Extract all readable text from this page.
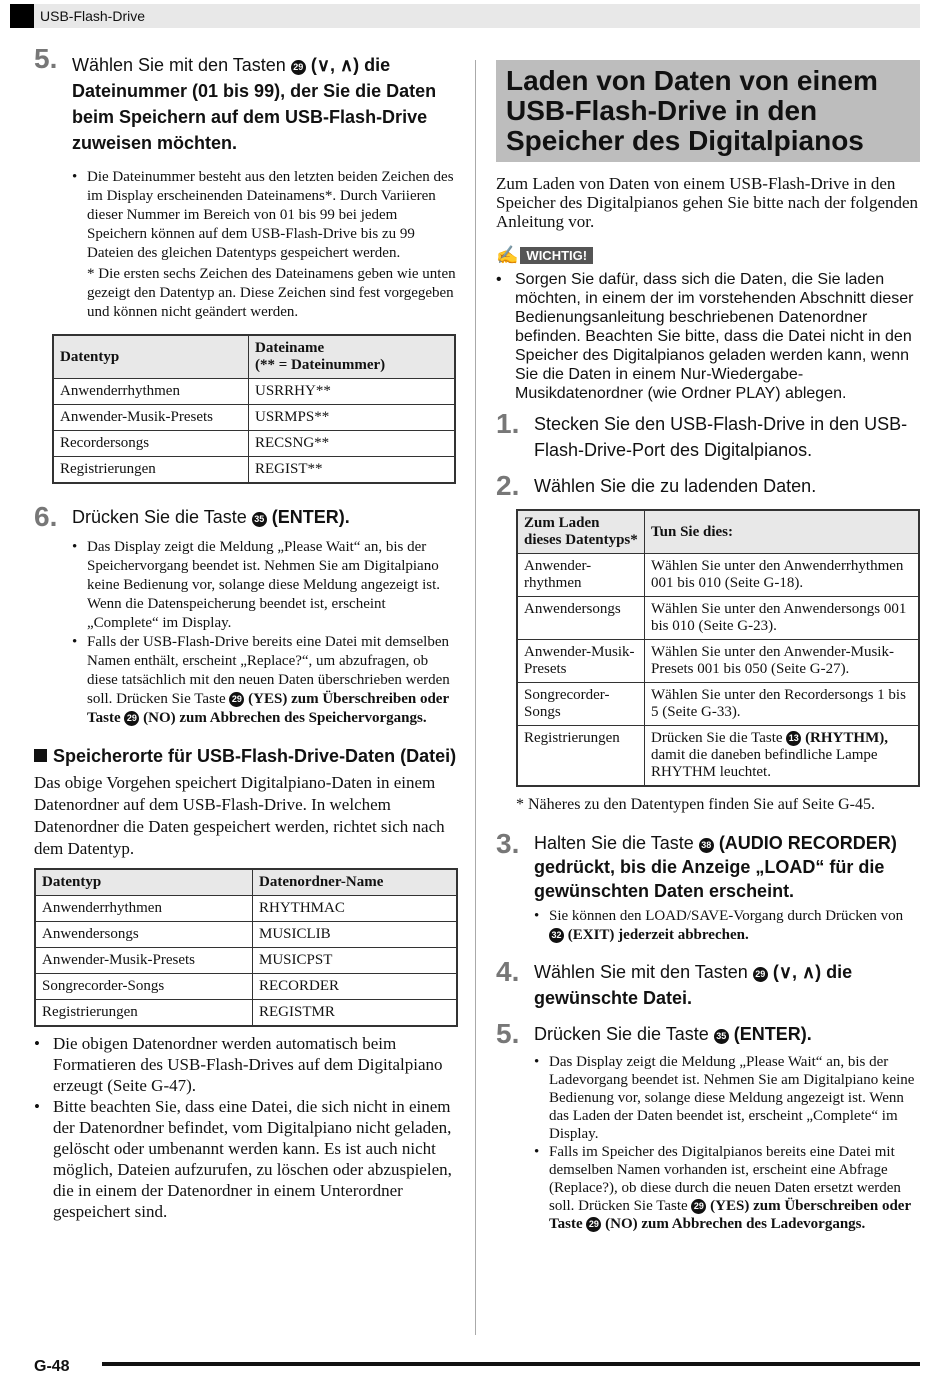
USB-Flash-Drive
5. Wählen Sie mit den Tasten 29 (∨, ∧) die Dateinummer (01 bis 99), der Sie die Daten beim Speichern auf dem USB-Flash-Drive zuweisen möchten.
• Die Dateinummer besteht aus den letzten beiden Zeichen des im Display erscheinenden Dateinamens*. Durch Variieren dieser Nummer im Bereich von 01 bis 99 bei jedem Speichern können auf dem USB-Flash-Drive bis zu 99 Dateien des gleichen Datentyps gespeichert werden.
* Die ersten sechs Zeichen des Dateinamens geben wie unten gezeigt den Datentyp an. Diese Zeichen sind fest vorgegeben und können nicht geändert werden.
Datentyp	Dateiname
(** = Dateinummer)

Anwenderrhythmen	USRRHY**
Anwender-Musik-Presets	USRMPS**
Recordersongs	RECSNG**
Registrierungen	REGIST**
6. Drücken Sie die Taste 35 (ENTER).
• Das Display zeigt die Meldung „Please Wait“ an, bis der Speichervorgang beendet ist. Nehmen Sie am Digitalpiano keine Bedienung vor, solange diese Meldung angezeigt ist. Wenn die Datenspeicherung beendet ist, erscheint „Complete“ im Display.
• Falls der USB-Flash-Drive bereits eine Datei mit demselben Namen enthält, erscheint „Replace?“, um abzufragen, ob diese tatsächlich mit den neuen Daten überschrieben werden soll. Drücken Sie Taste 29 (YES) zum Überschreiben oder Taste 29 (NO) zum Abbrechen des Speichervorgangs.
Speicherorte für USB-Flash-Drive-Daten (Datei)
Das obige Vorgehen speichert Digitalpiano-Daten in einem Datenordner auf dem USB-Flash-Drive. In welchem Datenordner die Daten gespeichert werden, richtet sich nach dem Datentyp.
Datentyp	Datenordner-Name
Anwenderrhythmen	RHYTHMAC
Anwendersongs	MUSICLIB
Anwender-Musik-Presets	MUSICPST
Songrecorder-Songs	RECORDER
Registrierungen	REGISTMR
• Die obigen Datenordner werden automatisch beim Formatieren des USB-Flash-Drives auf dem Digitalpiano erzeugt (Seite G-47).
• Bitte beachten Sie, dass eine Datei, die sich nicht in einem der Datenordner befindet, vom Digitalpiano nicht geladen, gelöscht oder umbenannt werden kann. Es ist auch nicht möglich, Dateien aufzurufen, zu löschen oder abzuspielen, die in einem der Datenordner in einem Unterordner gespeichert sind.
Laden von Daten von einem USB-Flash-Drive in den Speicher des Digitalpianos
Zum Laden von Daten von einem USB-Flash-Drive in den Speicher des Digitalpianos gehen Sie bitte nach der folgenden Anleitung vor.
✍ WICHTIG!
• Sorgen Sie dafür, dass sich die Daten, die Sie laden möchten, in einem der im vorstehenden Abschnitt dieser Bedienungsanleitung beschriebenen Datenordner befinden. Beachten Sie bitte, dass die Datei nicht in den Speicher des Digitalpianos geladen werden kann, wenn Sie die Daten in einem Nur-Wiedergabe-Musikdatenordner (wie Ordner PLAY) ablegen.
1. Stecken Sie den USB-Flash-Drive in den USB-Flash-Drive-Port des Digitalpianos.
2. Wählen Sie die zu ladenden Daten.
Zum Laden dieses Datentyps*	Tun Sie dies:
Anwender-rhythmen	Wählen Sie unter den Anwenderrhythmen 001 bis 010 (Seite G-18).
Anwendersongs	Wählen Sie unter den Anwendersongs 001 bis 010 (Seite G-23).
Anwender-Musik-Presets	Wählen Sie unter den Anwender-Musik-Presets 001 bis 050 (Seite G-27).
Songrecorder-Songs	Wählen Sie unter den Recordersongs 1 bis 5 (Seite G-33).
Registrierungen	Drücken Sie die Taste 13 (RHYTHM), damit die daneben befindliche Lampe RHYTHM leuchtet.
* Näheres zu den Datentypen finden Sie auf Seite G-45.
3. Halten Sie die Taste 38 (AUDIO RECORDER) gedrückt, bis die Anzeige „LOAD“ für die gewünschten Daten erscheint.
• Sie können den LOAD/SAVE-Vorgang durch Drücken von 32 (EXIT) jederzeit abbrechen.
4. Wählen Sie mit den Tasten 29 (∨, ∧) die gewünschte Datei.
5. Drücken Sie die Taste 35 (ENTER).
• Das Display zeigt die Meldung „Please Wait“ an, bis der Ladevorgang beendet ist. Nehmen Sie am Digitalpiano keine Bedienung vor, solange diese Meldung angezeigt ist. Wenn das Laden der Daten beendet ist, erscheint „Complete“ im Display.
• Falls im Speicher des Digitalpianos bereits eine Datei mit demselben Namen vorhanden ist, erscheint eine Abfrage (Replace?), ob diese durch die neuen Daten ersetzt werden soll. Drücken Sie Taste 29 (YES) zum Überschreiben oder Taste 29 (NO) zum Abbrechen des Ladevorgangs.
G-48
